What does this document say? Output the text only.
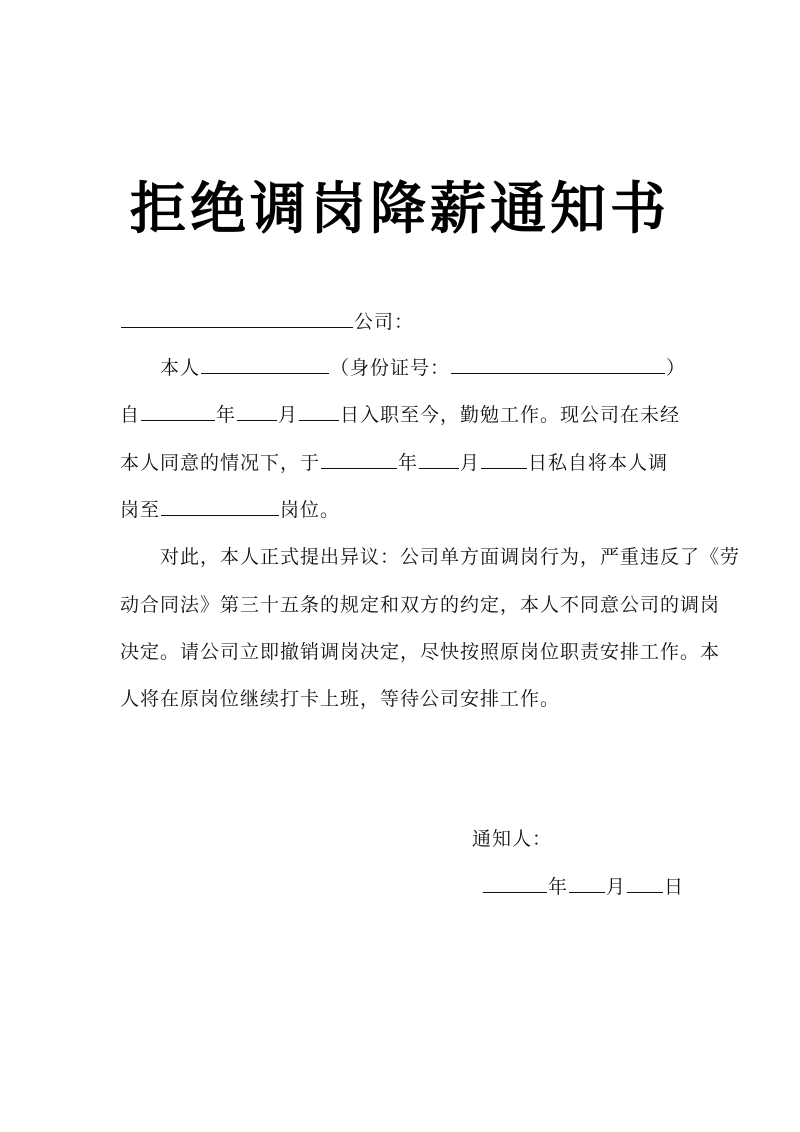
拒绝调岗降薪通知书
公司：
本人	（身份证号：	）
自	年 月 日入职至今，勤勉工作。现公司在未经
本人同意的情况下，于	年 月	日私自将本人调
岗至	岗位。
对此，本人正式提出异议：公司单方面调岗行为，严重违反了《劳
动合同法》第三十五条的规定和双方的约定，本人不同意公司的调岗
决定。请公司立即撤销调岗决定，尽快按照原岗位职责安排工作。本
人将在原岗位继续打卡上班，等待公司安排工作。
通知人：
年 月 日
